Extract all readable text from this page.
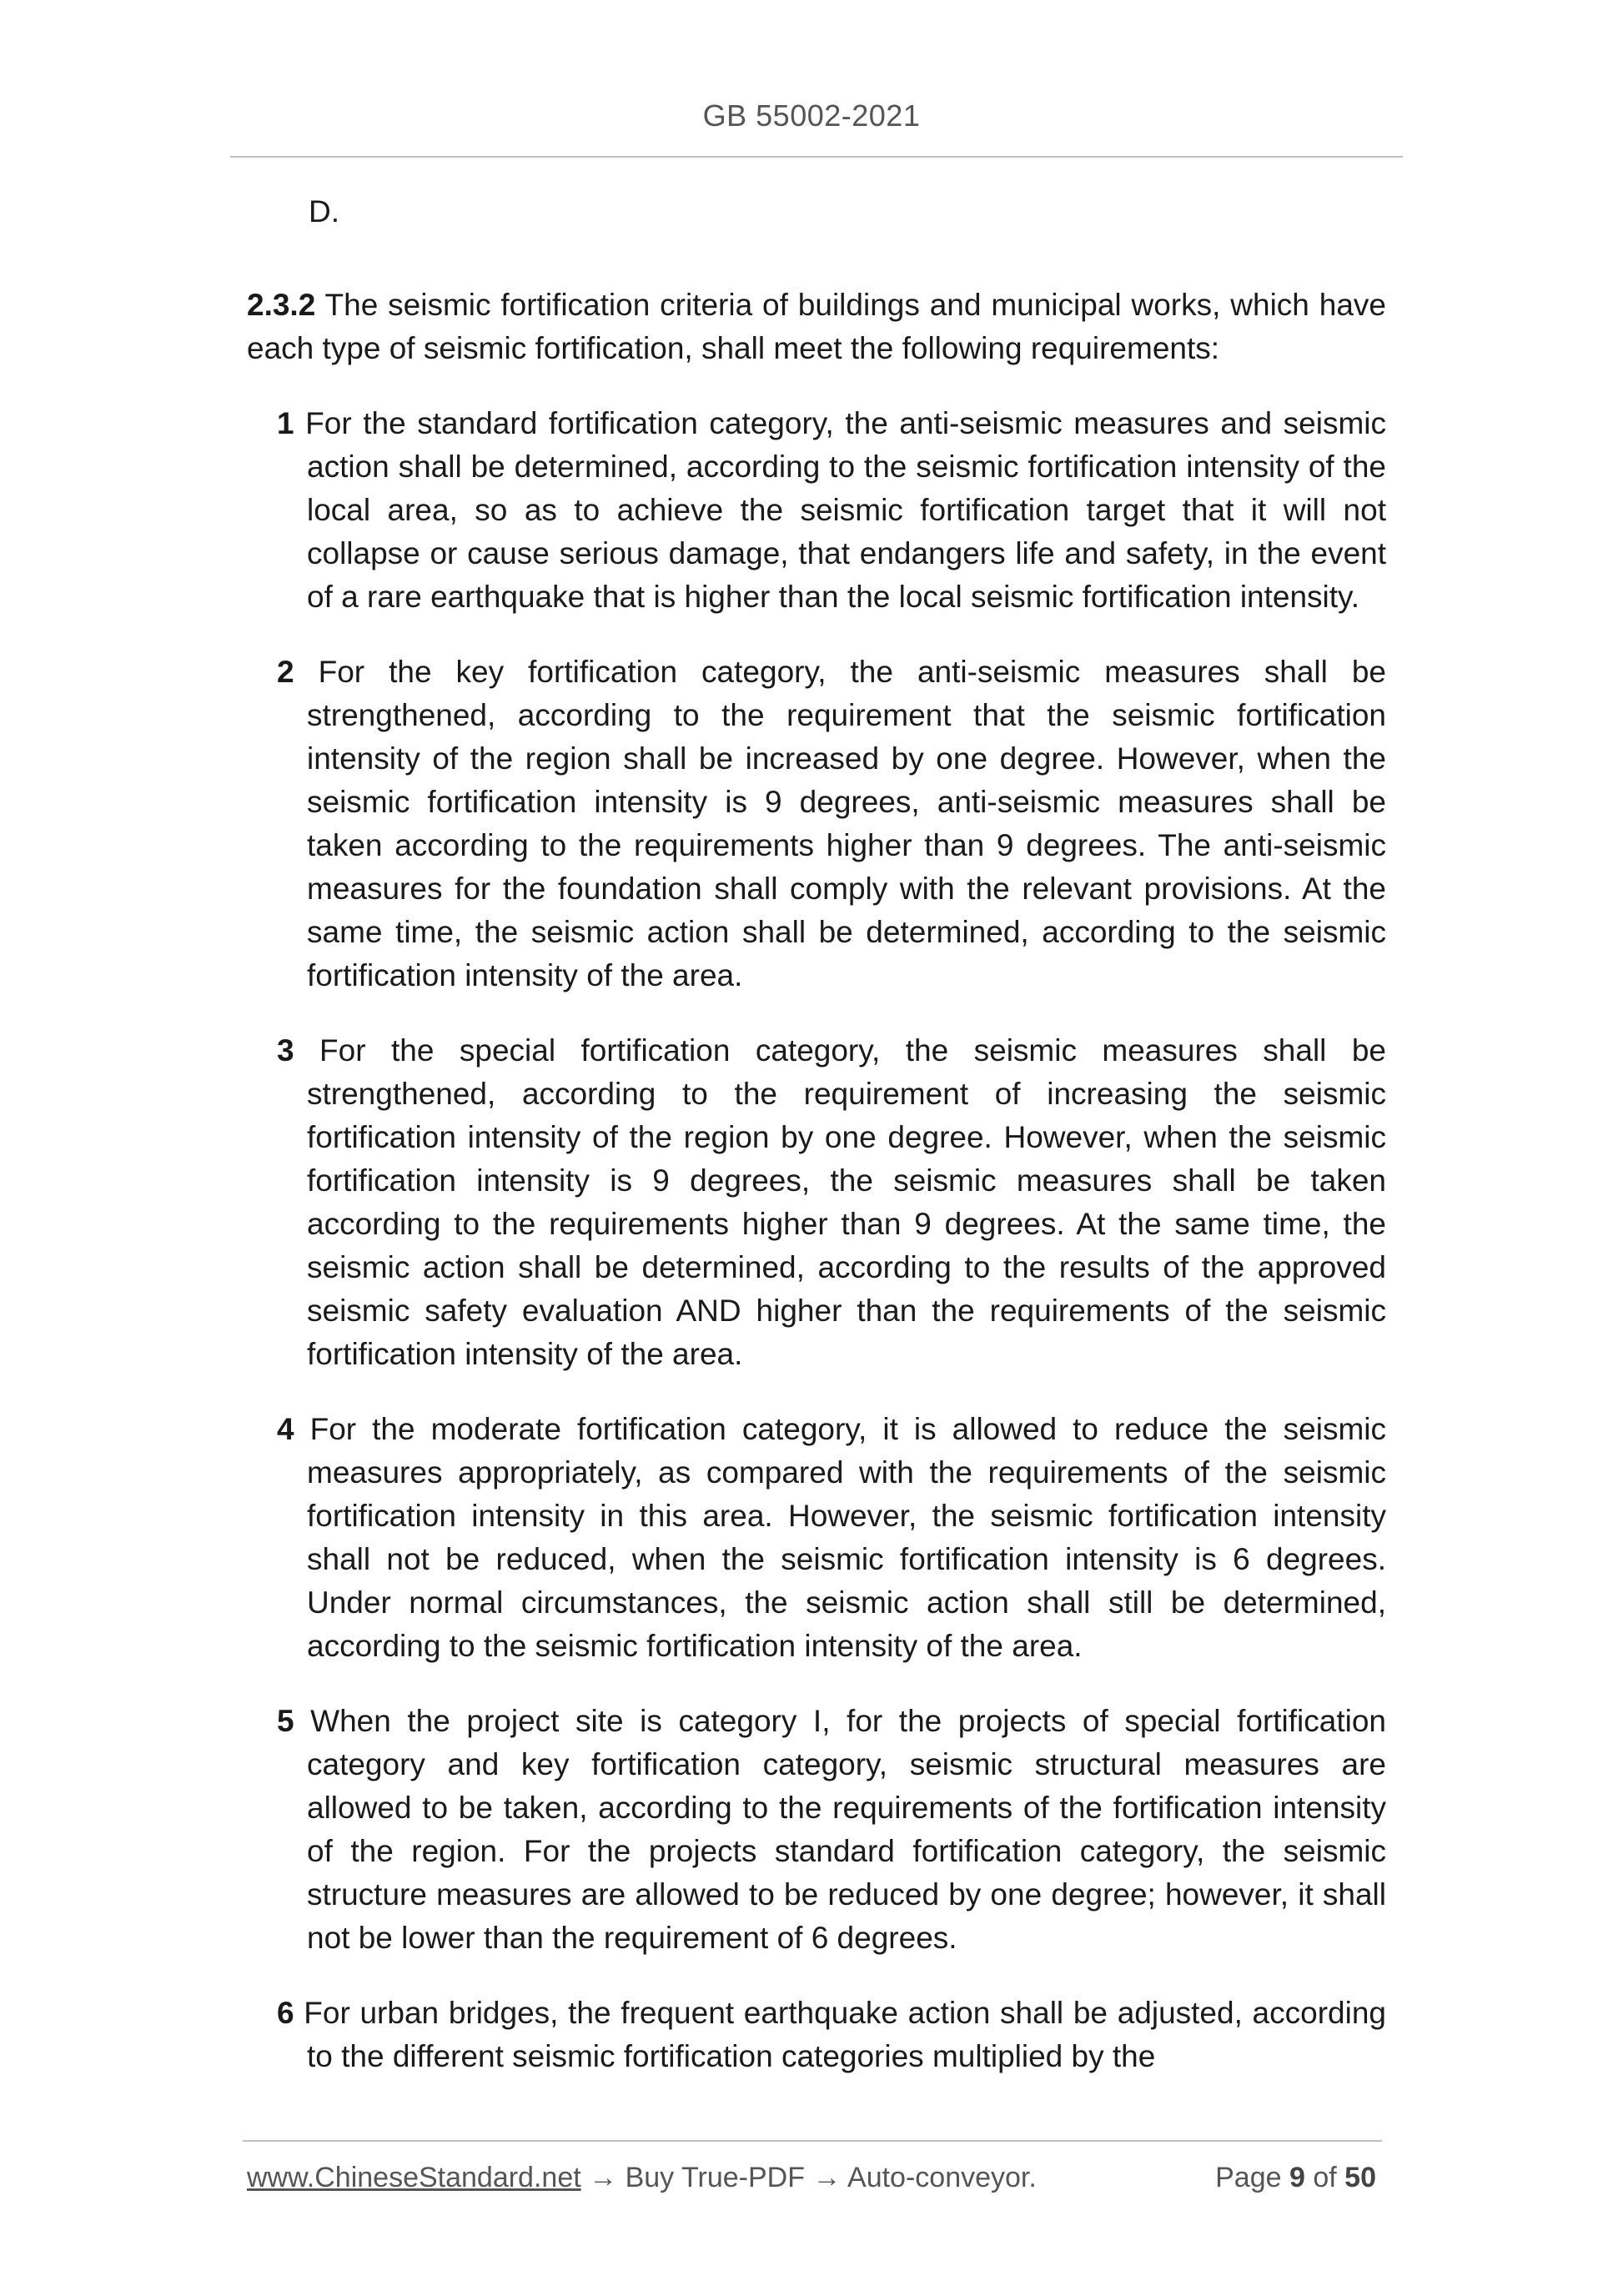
GB 55002-2021
D.

2.3.2 The seismic fortification criteria of buildings and municipal works, which have each type of seismic fortification, shall meet the following requirements:

1 For the standard fortification category, the anti-seismic measures and seismic action shall be determined, according to the seismic fortification intensity of the local area, so as to achieve the seismic fortification target that it will not collapse or cause serious damage, that endangers life and safety, in the event of a rare earthquake that is higher than the local seismic fortification intensity.

2 For the key fortification category, the anti-seismic measures shall be strengthened, according to the requirement that the seismic fortification intensity of the region shall be increased by one degree. However, when the seismic fortification intensity is 9 degrees, anti-seismic measures shall be taken according to the requirements higher than 9 degrees. The anti-seismic measures for the foundation shall comply with the relevant provisions. At the same time, the seismic action shall be determined, according to the seismic fortification intensity of the area.

3 For the special fortification category, the seismic measures shall be strengthened, according to the requirement of increasing the seismic fortification intensity of the region by one degree. However, when the seismic fortification intensity is 9 degrees, the seismic measures shall be taken according to the requirements higher than 9 degrees. At the same time, the seismic action shall be determined, according to the results of the approved seismic safety evaluation AND higher than the requirements of the seismic fortification intensity of the area.

4 For the moderate fortification category, it is allowed to reduce the seismic measures appropriately, as compared with the requirements of the seismic fortification intensity in this area. However, the seismic fortification intensity shall not be reduced, when the seismic fortification intensity is 6 degrees. Under normal circumstances, the seismic action shall still be determined, according to the seismic fortification intensity of the area.

5 When the project site is category I, for the projects of special fortification category and key fortification category, seismic structural measures are allowed to be taken, according to the requirements of the fortification intensity of the region. For the projects standard fortification category, the seismic structure measures are allowed to be reduced by one degree; however, it shall not be lower than the requirement of 6 degrees.

6 For urban bridges, the frequent earthquake action shall be adjusted, according to the different seismic fortification categories multiplied by the

www.ChineseStandard.net → Buy True-PDF → Auto-conveyor.	Page 9 of 50
